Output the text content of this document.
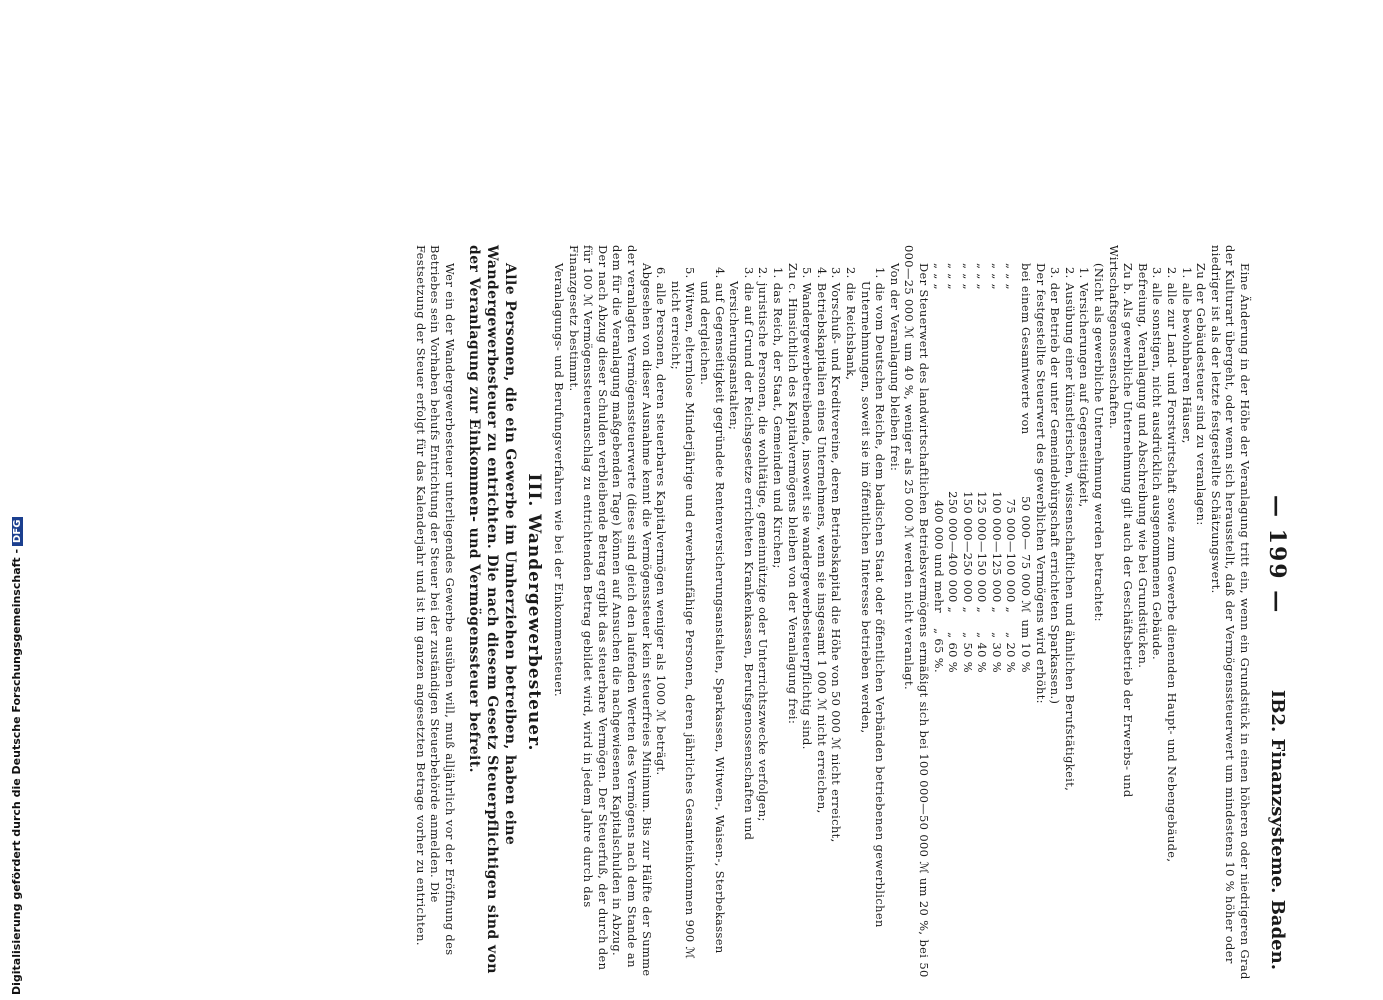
— 199 —
IB2. Finanzsysteme. Baden.

Eine Änderung in der Höhe der Veranlagung tritt ein, wenn ein Grundstück in einen höheren oder niedrigeren Grad der Kulturart übergeht, oder wenn sich herausstellt, daß der Vermögenssteuerwert um mindestens 10 % höher oder niedriger ist als der letzte festgestellte Schätzungswert.

Zu der Gebäudesteuer sind zu veranlagen:

1. alle bewohnbaren Häuser,

2. alle zur Land- und Forstwirtschaft sowie zum Gewerbe dienenden Haupt- und Nebengebäude,

3. alle sonstigen, nicht ausdrücklich ausgenommenen Gebäude.

Befreiung, Veranlagung und Abschreibung wie bei Grundstücken.

Zu b. Als gewerbliche Unternehmung gilt auch der Geschäftsbetrieb der Erwerbs- und Wirtschaftsgenossenschaften.

(Nicht als gewerbliche Unternehmung werden betrachtet:

1. Versicherungen auf Gegenseitigkeit,

2. Ausübung einer künstlerischen, wissenschaftlichen und ähnlichen Berufstätigkeit,

3. der Betrieb der unter Gemeindebürgschaft errichteten Sparkassen.)

Der festgestellte Steuerwert des gewerblichen Vermögens wird erhöht:

bei einem Gesamtwerte von
50 000— 75 000 ℳ
um 10 %
„ „ „
75 000—100 000 „
„ 20 %
„ „ „
100 000—125 000 „
„ 30 %
„ „ „
125 000—150 000 „
„ 40 %
„ „ „
150 000—250 000 „
„ 50 %
„ „ „
250 000—400 000 „
„ 60 %
„ „ „
400 000 und mehr
„ 65 %.

Der Steuerwert des landwirtschaftlichen Betriebsvermögens ermäßigt sich bei 100 000—50 000 ℳ um 20 %, bei 50 000—25 000 ℳ um 40 %, weniger als 25 000 ℳ werden nicht veranlagt.

Von der Veranlagung bleiben frei:

1. die vom Deutschen Reiche, dem badischen Staat oder öffentlichen Verbänden betriebenen gewerblichen Unternehmungen, soweit sie im öffentlichen Interesse betrieben werden,

2. die Reichsbank,

3. Vorschuß- und Kreditvereine, deren Betriebskapital die Höhe von 50 000 ℳ nicht erreicht,

4. Betriebskapitalien eines Unternehmens, wenn sie insgesamt 1 000 ℳ nicht erreichen,

5. Wandergewerbetreibende, insoweit sie wandergewerbesteuerpflichtig sind.

Zu c. Hinsichtlich des Kapitalvermögens bleiben von der Veranlagung frei:

1. das Reich, der Staat, Gemeinden und Kirchen;

2. juristische Personen, die wohltätige, gemeinnützige oder Unterrichtszwecke verfolgen;

3. die auf Grund der Reichsgesetze errichteten Krankenkassen, Berufsgenossenschaften und Versicherungsanstalten;

4. auf Gegenseitigkeit gegründete Rentenversicherungsanstalten, Sparkassen, Witwen-, Waisen-, Sterbekassen und dergleichen.

5. Witwen, elternlose Minderjährige und erwerbsunfähige Personen, deren jährliches Gesamteinkommen 900 ℳ nicht erreicht;

6. alle Personen, deren steuerbares Kapitalvermögen weniger als 1000 ℳ beträgt.

Abgesehen von dieser Ausnahme kennt die Vermögenssteuer kein steuerfreies Minimum. Bis zur Hälfte der Summe der veranlagten Vermögenssteuerwerte (diese sind gleich den laufenden Werten des Vermögens nach dem Stande an dem für die Veranlagung maßgebenden Tage) können auf Ansuchen die nachgewiesenen Kapitalschulden in Abzug. Der nach Abzug dieser Schulden verbleibende Betrag ergibt das steuerbare Vermögen. Der Steuerfuß, der durch den für 100 ℳ Vermögenssteueranschlag zu entrichtenden Betrag gebildet wird, wird in jedem Jahre durch das Finanzgesetz bestimmt.

Veranlagungs- und Berufungsverfahren wie bei der Einkommensteuer.

III. Wandergewerbesteuer.

Alle Personen, die ein Gewerbe im Umherziehen betreiben, haben eine Wandergewerbesteuer zu entrichten. Die nach diesem Gesetz Steuerpflichtigen sind von der Veranlagung zur Einkommen- und Vermögenssteuer befreit.

Wer ein der Wandergewerbesteuer unterliegendes Gewerbe ausüben will, muß alljährlich vor der Eröffnung des Betriebes sein Vorhaben behufs Entrichtung der Steuer bei der zuständigen Steuerbehörde anmelden. Die Festsetzung der Steuer erfolgt für das Kalenderjahr und ist im ganzen angesetzten Betrage vorher zu entrichten.

Digitalisierung gefördert durch die Deutsche Forschungsgemeinschaft -DFG
